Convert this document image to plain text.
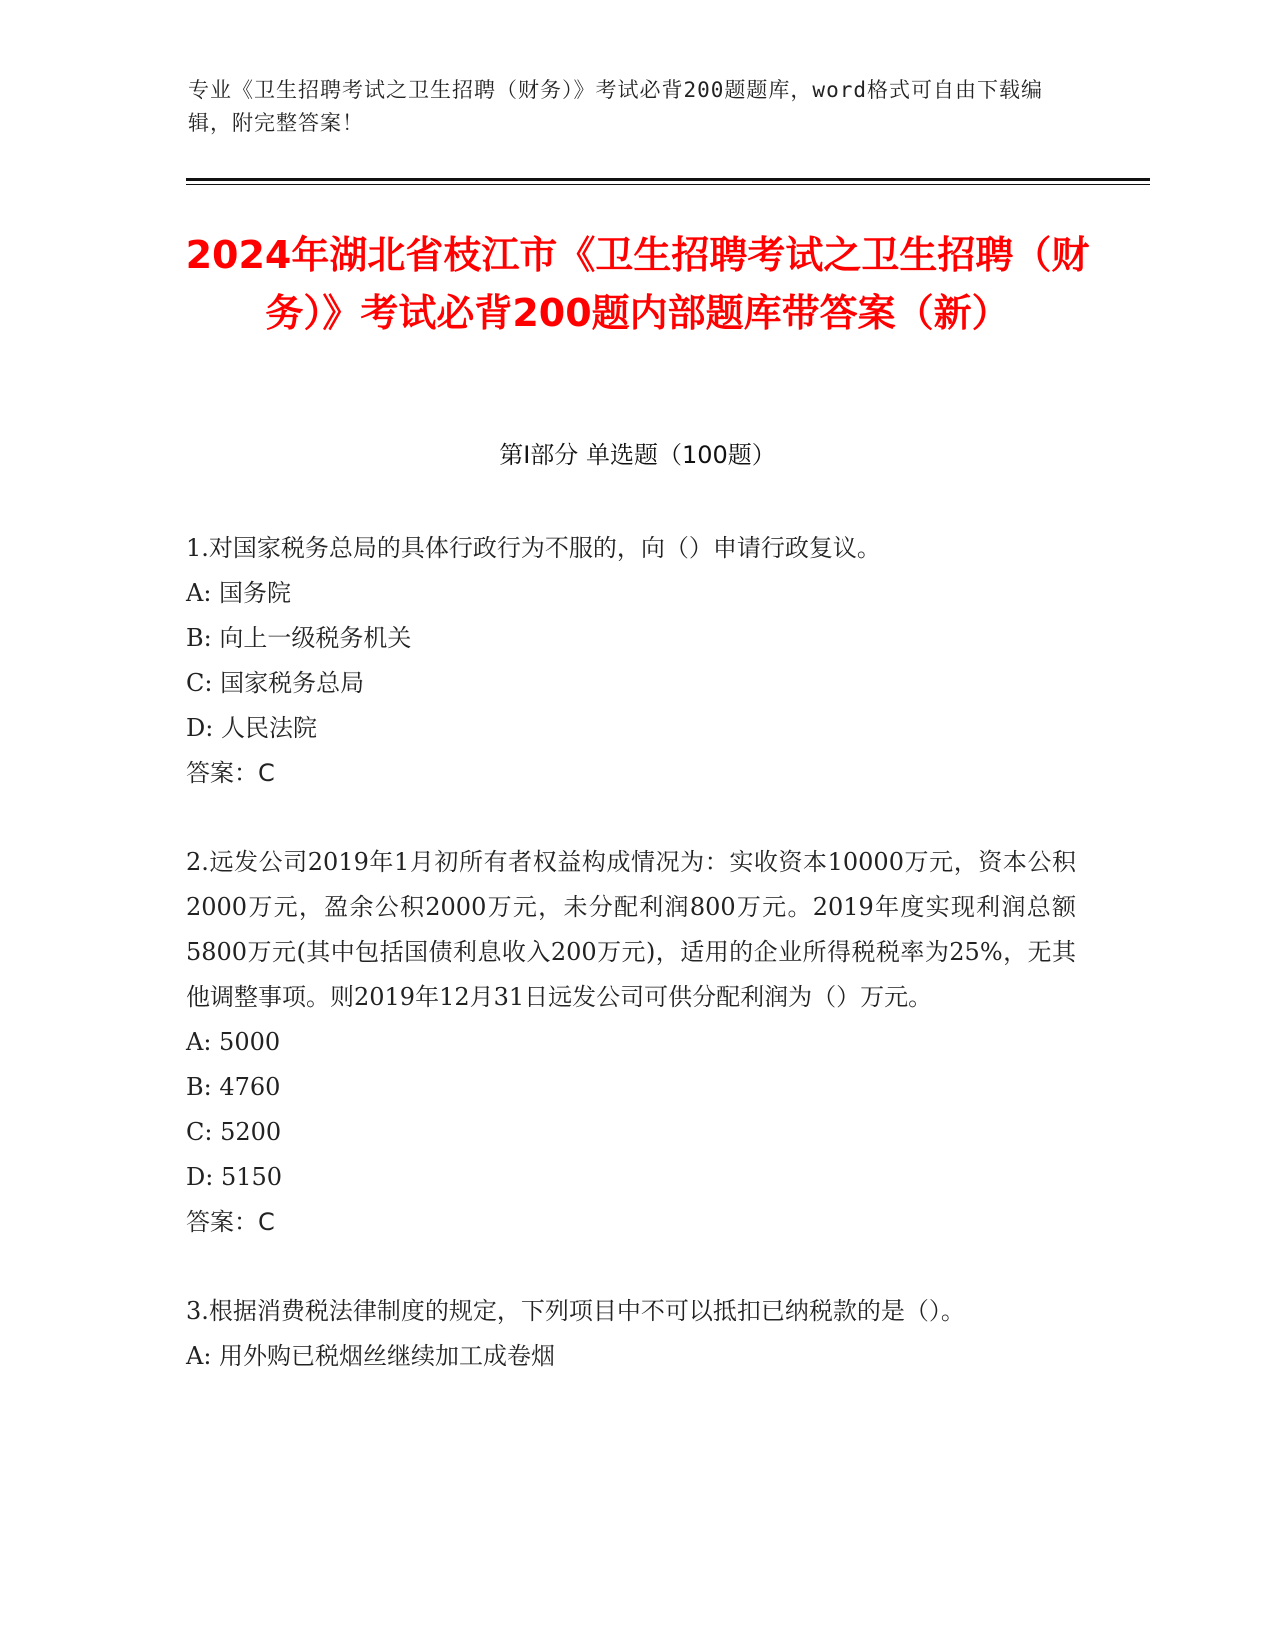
专业《卫生招聘考试之卫生招聘（财务）》考试必背200题题库，word格式可自由下载编辑，附完整答案！
2024年湖北省枝江市《卫生招聘考试之卫生招聘（财务）》考试必背200题内部题库带答案（新）
第Ⅰ部分 单选题（100题）

1.对国家税务总局的具体行政行为不服的，向（）申请行政复议。

A: 国务院

B: 向上一级税务机关

C: 国家税务总局

D: 人民法院

答案：C

2.远发公司2019年1月初所有者权益构成情况为：实收资本10000万元，资本公积2000万元，盈余公积2000万元，未分配利润800万元。2019年度实现利润总额5800万元(其中包括国债利息收入200万元)，适用的企业所得税税率为25%，无其他调整事项。则2019年12月31日远发公司可供分配利润为（）万元。

A: 5000

B: 4760

C: 5200

D: 5150

答案：C

3.根据消费税法律制度的规定，下列项目中不可以抵扣已纳税款的是（）。

A: 用外购已税烟丝继续加工成卷烟
